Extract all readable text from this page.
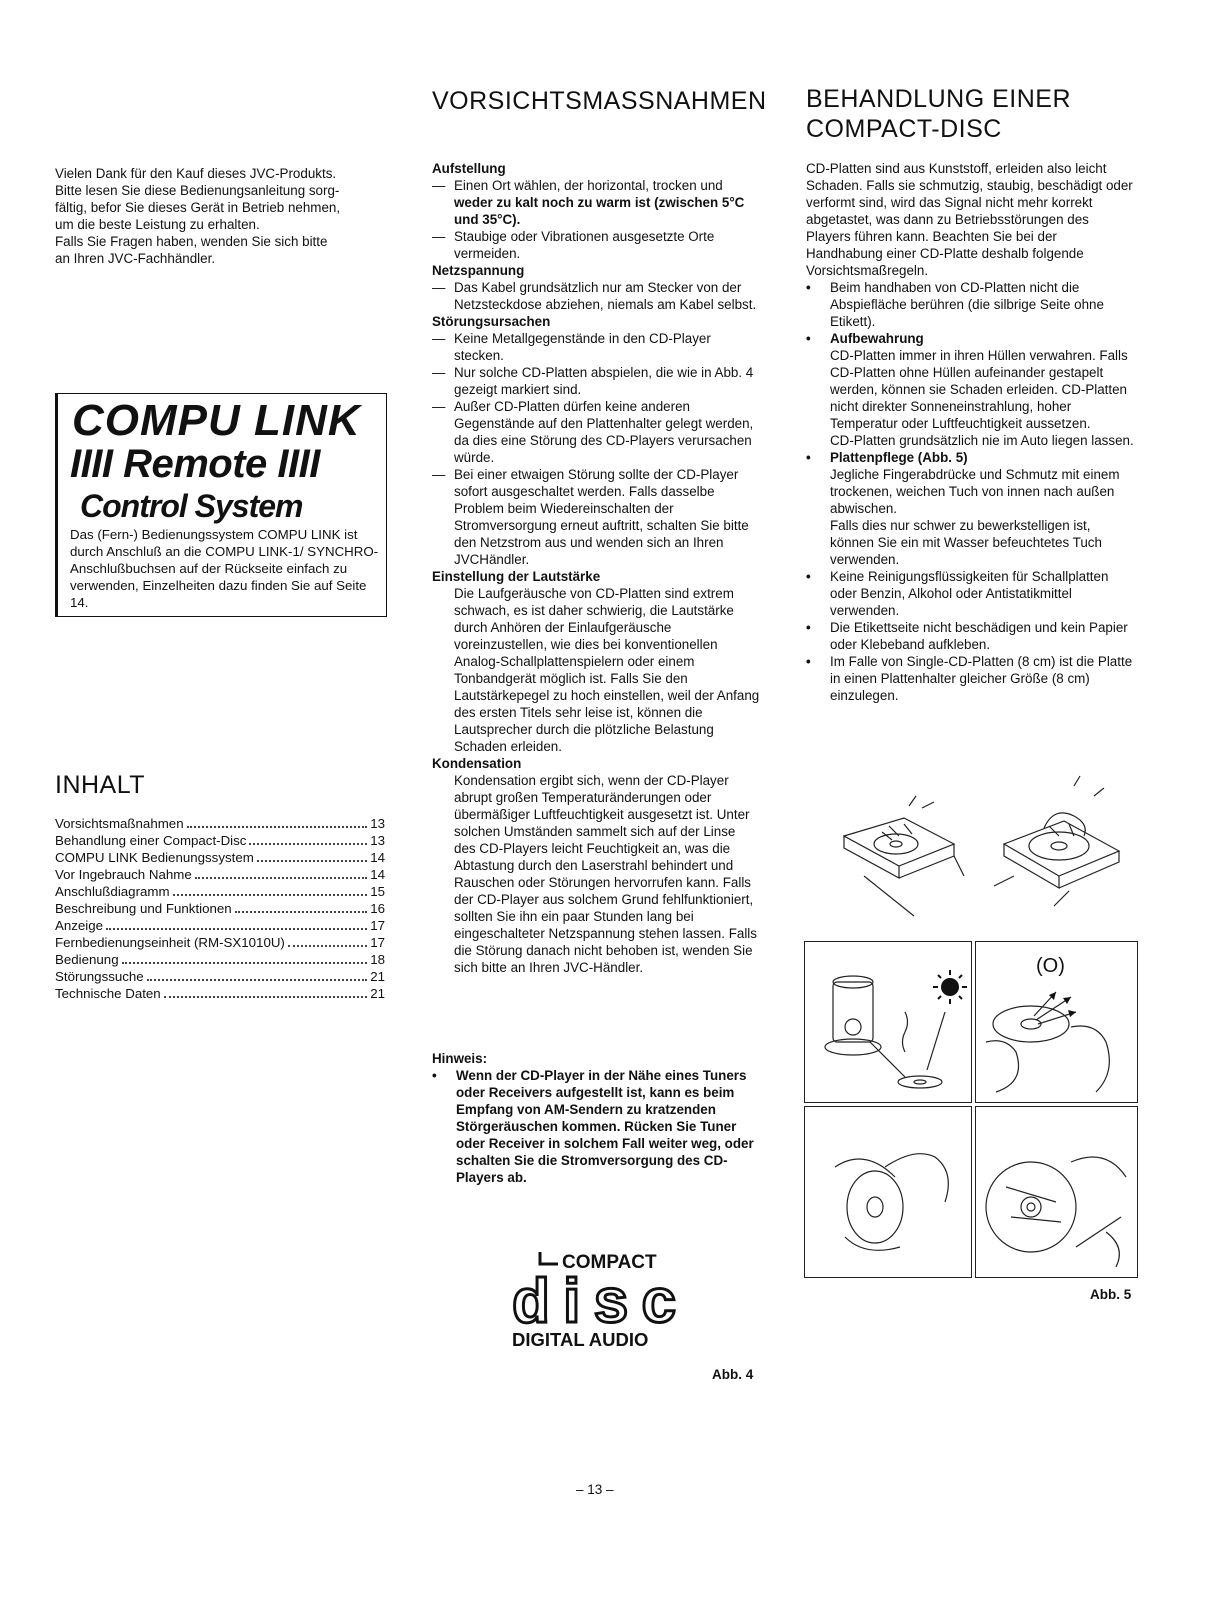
Vielen Dank für den Kauf dieses JVC-Produkts.

Bitte lesen Sie diese Bedienungsanleitung sorg-

fältig, befor Sie dieses Gerät in Betrieb nehmen,

um die beste Leistung zu erhalten.

Falls Sie Fragen haben, wenden Sie sich bitte

an Ihren JVC-Fachhändler.

COMPU LINK
IIII Remote IIII
Control System
Das (Fern-) Bedienungssystem COMPU LINK ist durch Anschluß an die COMPU LINK-1/ SYNCHRO-Anschlußbuchsen auf der Rückseite einfach zu verwenden, Einzelheiten dazu finden Sie auf Seite 14.
INHALT
Vorsichtsmaßnahmen	13
Behandlung einer Compact-Disc	13
COMPU LINK Bedienungssystem	14
Vor Ingebrauch Nahme	14
Anschlußdiagramm	15
Beschreibung und Funktionen	16
Anzeige	17
Fernbedienungseinheit (RM-SX1010U)	17
Bedienung	18
Störungssuche	21
Technische Daten	21
VORSICHTSMASSNAHMEN
Aufstellung
— Einen Ort wählen, der horizontal, trocken und weder zu kalt noch zu warm ist (zwischen 5°C und 35°C).
— Staubige oder Vibrationen ausgesetzte Orte vermeiden.
Netzspannung
— Das Kabel grundsätzlich nur am Stecker von der Netzsteckdose abziehen, niemals am Kabel selbst.
Störungsursachen
— Keine Metallgegenstände in den CD-Player stecken.
— Nur solche CD-Platten abspielen, die wie in Abb. 4 gezeigt markiert sind.
— Außer CD-Platten dürfen keine anderen Gegenstände auf den Plattenhalter gelegt werden, da dies eine Störung des CD-Players verursachen würde.
— Bei einer etwaigen Störung sollte der CD-Player sofort ausgeschaltet werden. Falls dasselbe Problem beim Wiedereinschalten der Stromversorgung erneut auftritt, schalten Sie bitte den Netzstrom aus und wenden sich an Ihren JVCHändler.
Einstellung der Lautstärke
Die Laufgeräusche von CD-Platten sind extrem schwach, es ist daher schwierig, die Lautstärke durch Anhören der Einlaufgeräusche voreinzustellen, wie dies bei konventionellen Analog-Schallplattenspielern oder einem Tonbandgerät möglich ist. Falls Sie den Lautstärkepegel zu hoch einstellen, weil der Anfang des ersten Titels sehr leise ist, können die Lautsprecher durch die plötzliche Belastung Schaden erleiden.
Kondensation
Kondensation ergibt sich, wenn der CD-Player abrupt großen Temperaturänderungen oder übermäßiger Luftfeuchtigkeit ausgesetzt ist. Unter solchen Umständen sammelt sich auf der Linse des CD-Players leicht Feuchtigkeit an, was die Abtastung durch den Laserstrahl behindert und Rauschen oder Störungen hervorrufen kann. Falls der CD-Player aus solchem Grund fehlfunktioniert, sollten Sie ihn ein paar Stunden lang bei eingeschalteter Netzspannung stehen lassen. Falls die Störung danach nicht behoben ist, wenden Sie sich bitte an Ihren JVC-Händler.
Hinweis:
•	Wenn der CD-Player in der Nähe eines Tuners oder Receivers aufgestellt ist, kann es beim Empfang von AM-Sendern zu kratzenden Störgeräuschen kommen. Rücken Sie Tuner oder Receiver in solchem Fall weiter weg, oder schalten Sie die Stromversorgung des CD-Players ab.
COMPACT
disc
DIGITAL AUDIO
Abb. 4
BEHANDLUNG EINER
COMPACT-DISC
CD-Platten sind aus Kunststoff, erleiden also leicht Schaden. Falls sie schmutzig, staubig, beschädigt oder verformt sind, wird das Signal nicht mehr korrekt abgetastet, was dann zu Betriebsstörungen des Players führen kann. Beachten Sie bei der Handhabung einer CD-Platte deshalb folgende Vorsichtsmaßregeln.
•	Beim handhaben von CD-Platten nicht die Abspiefläche berühren (die silbrige Seite ohne Etikett).
•	Aufbewahrung
CD-Platten immer in ihren Hüllen verwahren. Falls CD-Platten ohne Hüllen aufeinander gestapelt werden, können sie Schaden erleiden. CD-Platten nicht direkter Sonneneinstrahlung, hoher Temperatur oder Luftfeuchtigkeit aussetzen.
CD-Platten grundsätzlich nie im Auto liegen lassen.
•	Plattenpflege (Abb. 5)
Jegliche Fingerabdrücke und Schmutz mit einem trockenen, weichen Tuch von innen nach außen abwischen.
Falls dies nur schwer zu bewerkstelligen ist, können Sie ein mit Wasser befeuchtetes Tuch verwenden.
•	Keine Reinigungsflüssigkeiten für Schallplatten oder Benzin, Alkohol oder Antistatikmittel verwenden.
•	Die Etikettseite nicht beschädigen und kein Papier oder Klebeband aufkleben.
•	Im Falle von Single-CD-Platten (8 cm) ist die Platte in einen Plattenhalter gleicher Größe (8 cm) einzulegen.
(O)
Abb. 5
– 13 –
